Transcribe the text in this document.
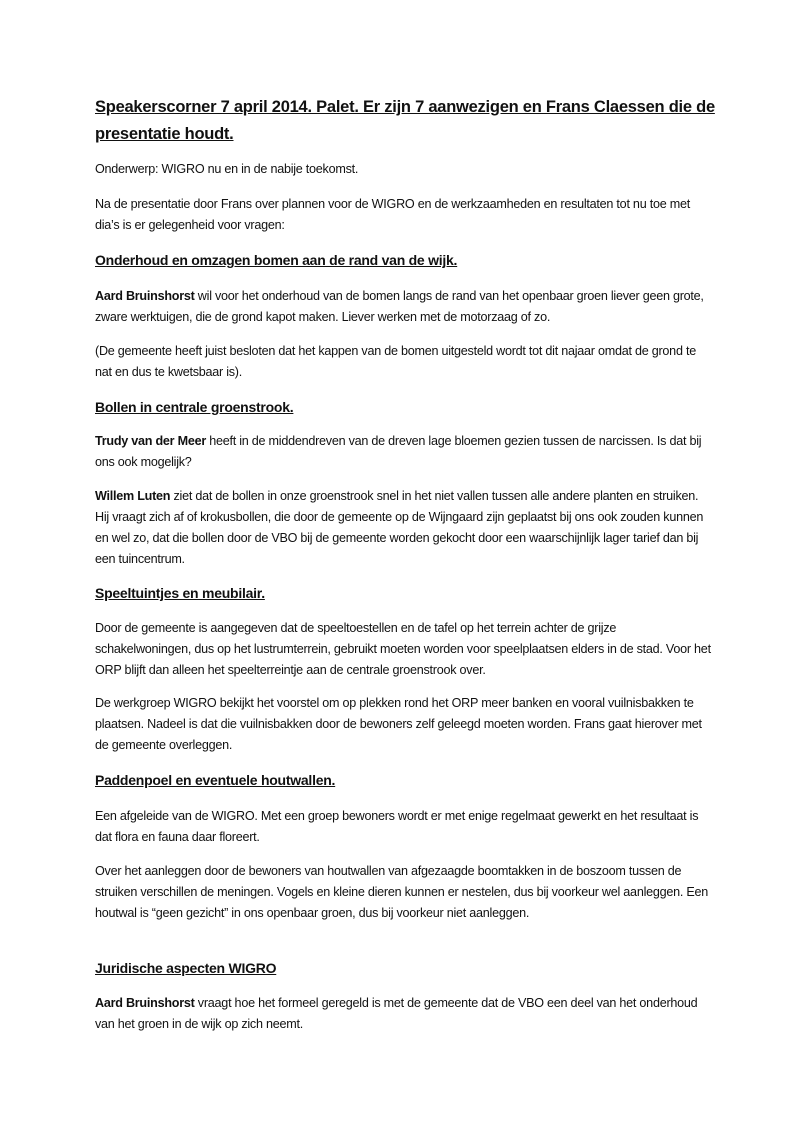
Speakerscorner 7 april 2014. Palet. Er zijn 7 aanwezigen en Frans Claessen die de presentatie houdt.

Onderwerp: WIGRO nu en in de nabije toekomst.

Na de presentatie door Frans over plannen voor de WIGRO en de werkzaamheden en resultaten tot nu toe met dia’s is er gelegenheid voor vragen:

Onderhoud en omzagen bomen aan de rand van de wijk.

Aard Bruinshorst wil voor het onderhoud van de bomen langs de rand van het openbaar groen liever geen grote, zware werktuigen, die de grond kapot maken. Liever werken met de motorzaag of zo.

(De gemeente heeft juist besloten dat het kappen van de bomen uitgesteld wordt tot dit najaar omdat de grond te nat en dus te kwetsbaar is).

Bollen in centrale groenstrook.

Trudy van der Meer heeft in de middendreven van de dreven lage bloemen gezien tussen de narcissen. Is dat bij ons ook mogelijk?

Willem Luten ziet dat de bollen in onze groenstrook snel in het niet vallen tussen alle andere planten en struiken. Hij vraagt zich af of krokusbollen, die door de gemeente op de Wijngaard zijn geplaatst bij ons ook zouden kunnen en wel zo, dat die bollen door de VBO bij de gemeente worden gekocht door een waarschijnlijk lager tarief dan bij een tuincentrum.

Speeltuintjes en meubilair.

Door de gemeente is aangegeven dat de speeltoestellen en de tafel op het terrein achter de grijze schakelwoningen, dus op het lustrumterrein, gebruikt moeten worden voor speelplaatsen elders in de stad. Voor het ORP blijft dan alleen het speelterreintje aan de centrale groenstrook over.

De werkgroep WIGRO bekijkt het voorstel om op plekken rond het ORP meer banken en vooral vuilnisbakken te plaatsen. Nadeel is dat die vuilnisbakken door de bewoners zelf geleegd moeten worden. Frans gaat hierover met de gemeente overleggen.

Paddenpoel en eventuele houtwallen.

Een afgeleide van de WIGRO. Met een groep bewoners wordt er met enige regelmaat gewerkt en het resultaat is dat flora en fauna daar floreert.

Over het aanleggen door de bewoners van houtwallen van afgezaagde boomtakken in de boszoom tussen de struiken verschillen de meningen. Vogels en kleine dieren kunnen er nestelen, dus bij voorkeur wel aanleggen. Een houtwal is “geen gezicht” in ons openbaar groen, dus bij voorkeur niet aanleggen.

Juridische aspecten WIGRO

Aard Bruinshorst vraagt hoe het formeel geregeld is met de gemeente dat de VBO een deel van het onderhoud van het groen in de wijk op zich neemt.
